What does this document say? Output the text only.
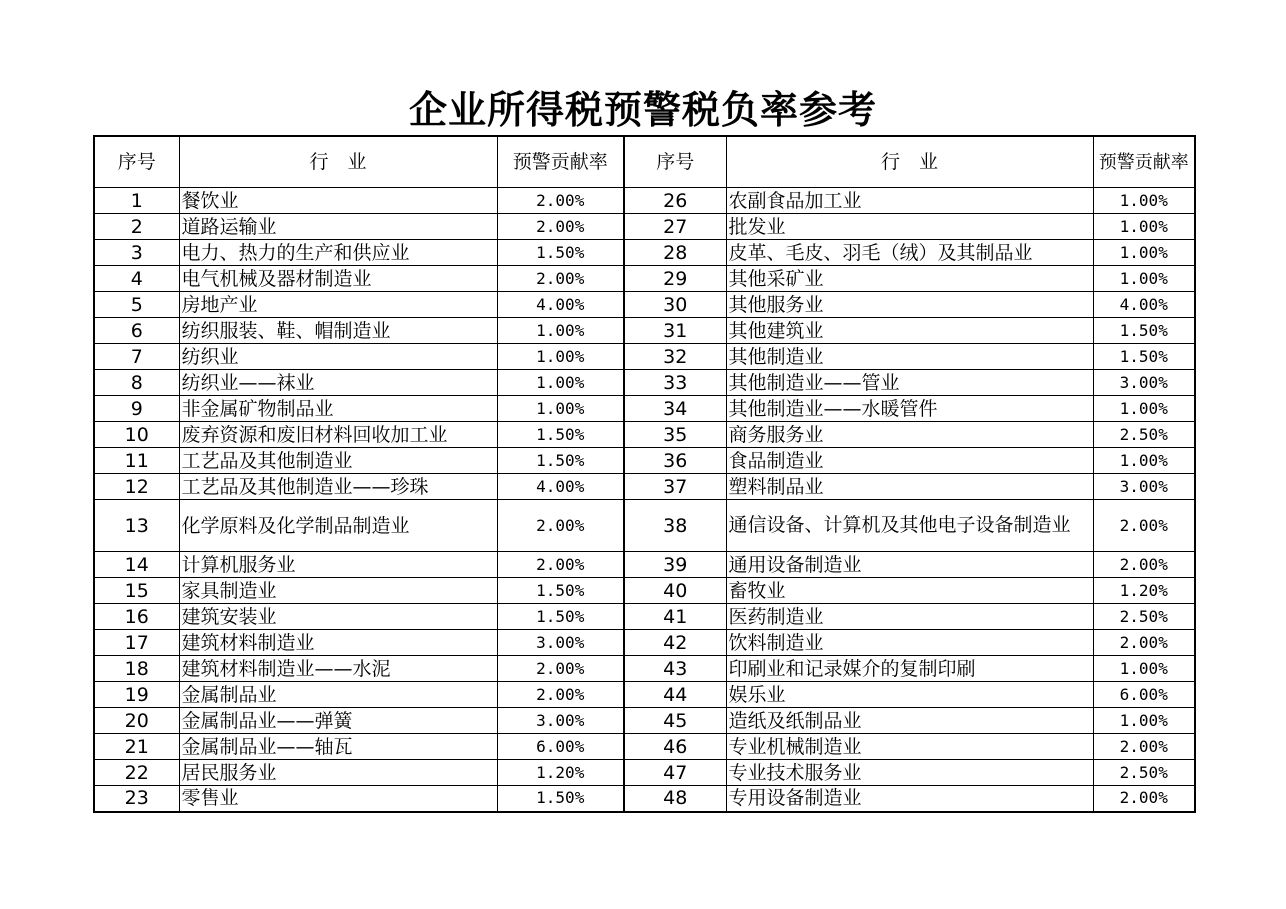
企业所得税预警税负率参考
序号	行　业	预警贡献率	序号	行　业	预警贡献率
1	餐饮业	2.00%	26	农副食品加工业	1.00%
2	道路运输业	2.00%	27	批发业	1.00%
3	电力、热力的生产和供应业	1.50%	28	皮革、毛皮、羽毛（绒）及其制品业	1.00%
4	电气机械及器材制造业	2.00%	29	其他采矿业	1.00%
5	房地产业	4.00%	30	其他服务业	4.00%
6	纺织服装、鞋、帽制造业	1.00%	31	其他建筑业	1.50%
7	纺织业	1.00%	32	其他制造业	1.50%
8	纺织业——袜业	1.00%	33	其他制造业——管业	3.00%
9	非金属矿物制品业	1.00%	34	其他制造业——水暖管件	1.00%
10	废弃资源和废旧材料回收加工业	1.50%	35	商务服务业	2.50%
11	工艺品及其他制造业	1.50%	36	食品制造业	1.00%
12	工艺品及其他制造业——珍珠	4.00%	37	塑料制品业	3.00%
13	化学原料及化学制品制造业	2.00%	38	通信设备、计算机及其他电子设备制造业	2.00%
14	计算机服务业	2.00%	39	通用设备制造业	2.00%
15	家具制造业	1.50%	40	畜牧业	1.20%
16	建筑安装业	1.50%	41	医药制造业	2.50%
17	建筑材料制造业	3.00%	42	饮料制造业	2.00%
18	建筑材料制造业——水泥	2.00%	43	印刷业和记录媒介的复制印刷	1.00%
19	金属制品业	2.00%	44	娱乐业	6.00%
20	金属制品业——弹簧	3.00%	45	造纸及纸制品业	1.00%
21	金属制品业——轴瓦	6.00%	46	专业机械制造业	2.00%
22	居民服务业	1.20%	47	专业技术服务业	2.50%
23	零售业	1.50%	48	专用设备制造业	2.00%
